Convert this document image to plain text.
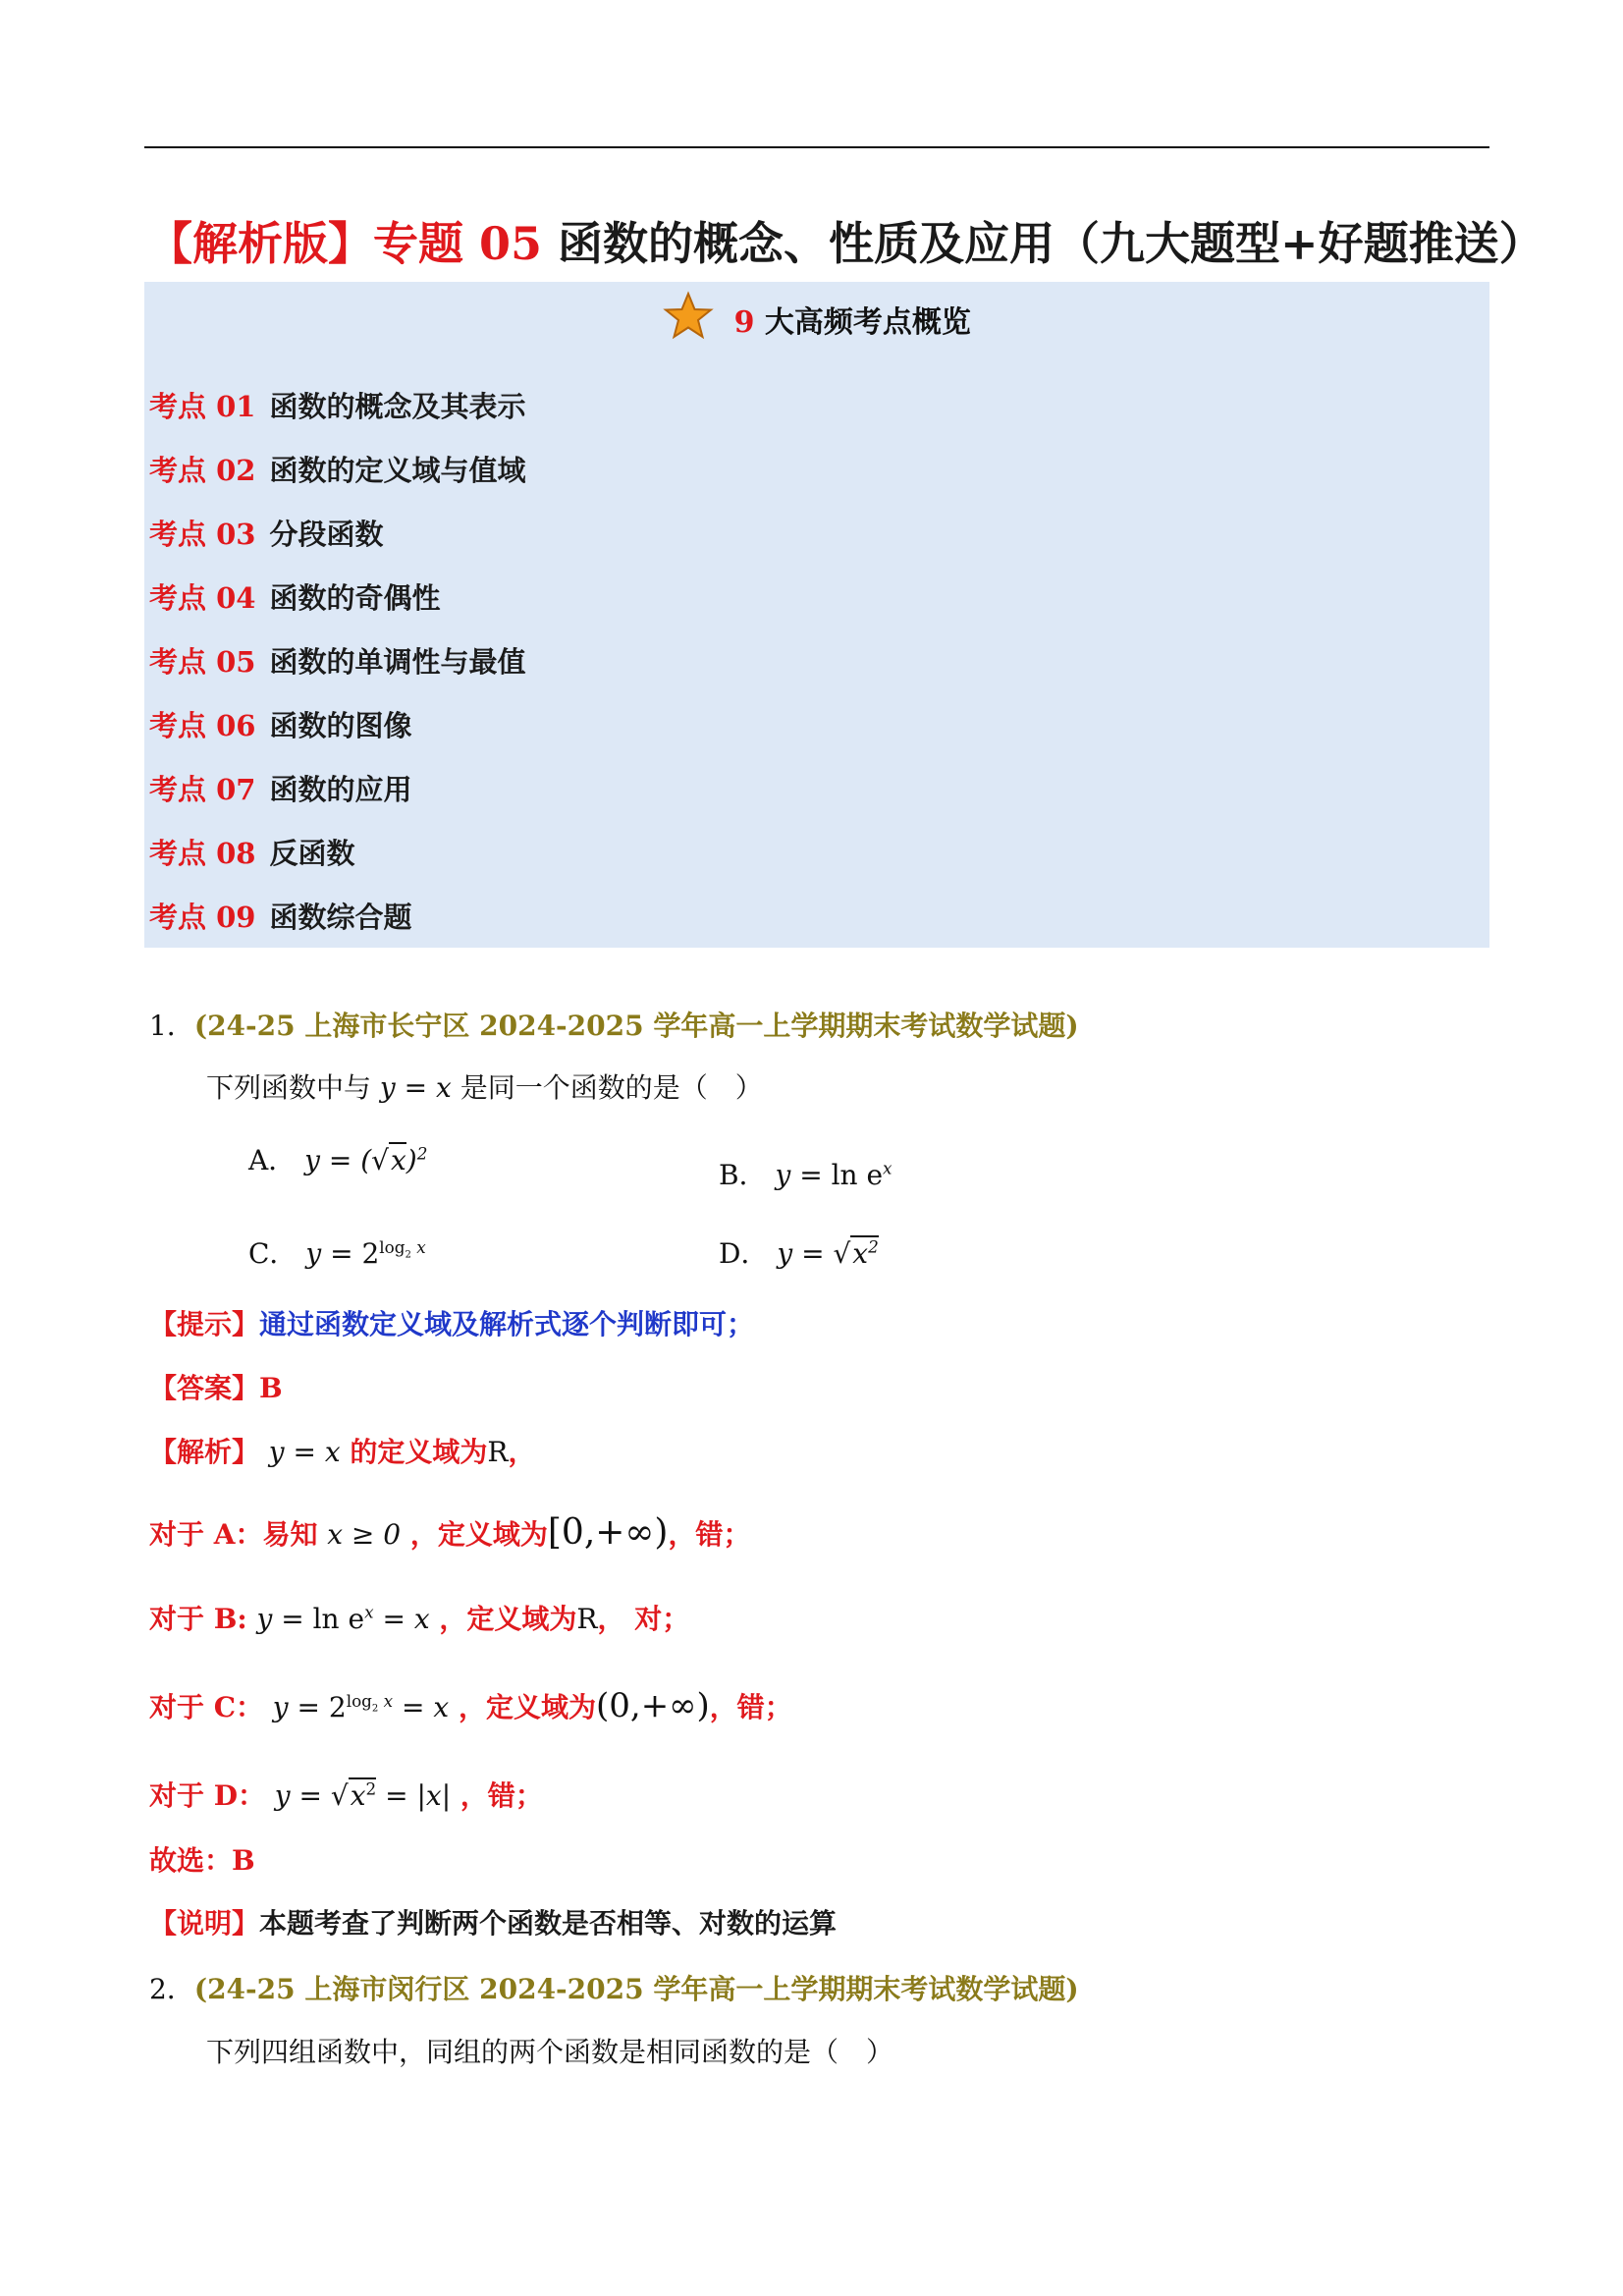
【解析版】专题 05 函数的概念、性质及应用（九大题型+好题推送）
9 大高频考点概览
考点 01 函数的概念及其表示
考点 02 函数的定义域与值域
考点 03 分段函数
考点 04 函数的奇偶性
考点 05 函数的单调性与最值
考点 06 函数的图像
考点 07 函数的应用
考点 08 反函数
考点 09 函数综合题
1．(24-25 上海市长宁区 2024-2025 学年高一上学期期末考试数学试题)
下列函数中与 y = x 是同一个函数的是（　）
A． $y = (√x)^2$
B． $y = \ln e^x$
C． $y = 2^{log_2 x}$	D． $y = √x^2$
【提示】通过函数定义域及解析式逐个判断即可；
【答案】B
【解析】 y = x 的定义域为R，
对于 A：易知 x ≥ 0 ，定义域为[0,+∞)，错；
对于 B: $y = \ln e^x = x$ ，定义域为R， 对；
对于 C： $y = 2^{log_2 x} = x$ ，定义域为(0,+∞)，错；
对于 D： $y = √x^2 = |x|$ ，错；
故选：B
【说明】本题考查了判断两个函数是否相等、对数的运算
2．(24-25 上海市闵行区 2024-2025 学年高一上学期期末考试数学试题)
下列四组函数中，同组的两个函数是相同函数的是（　）
